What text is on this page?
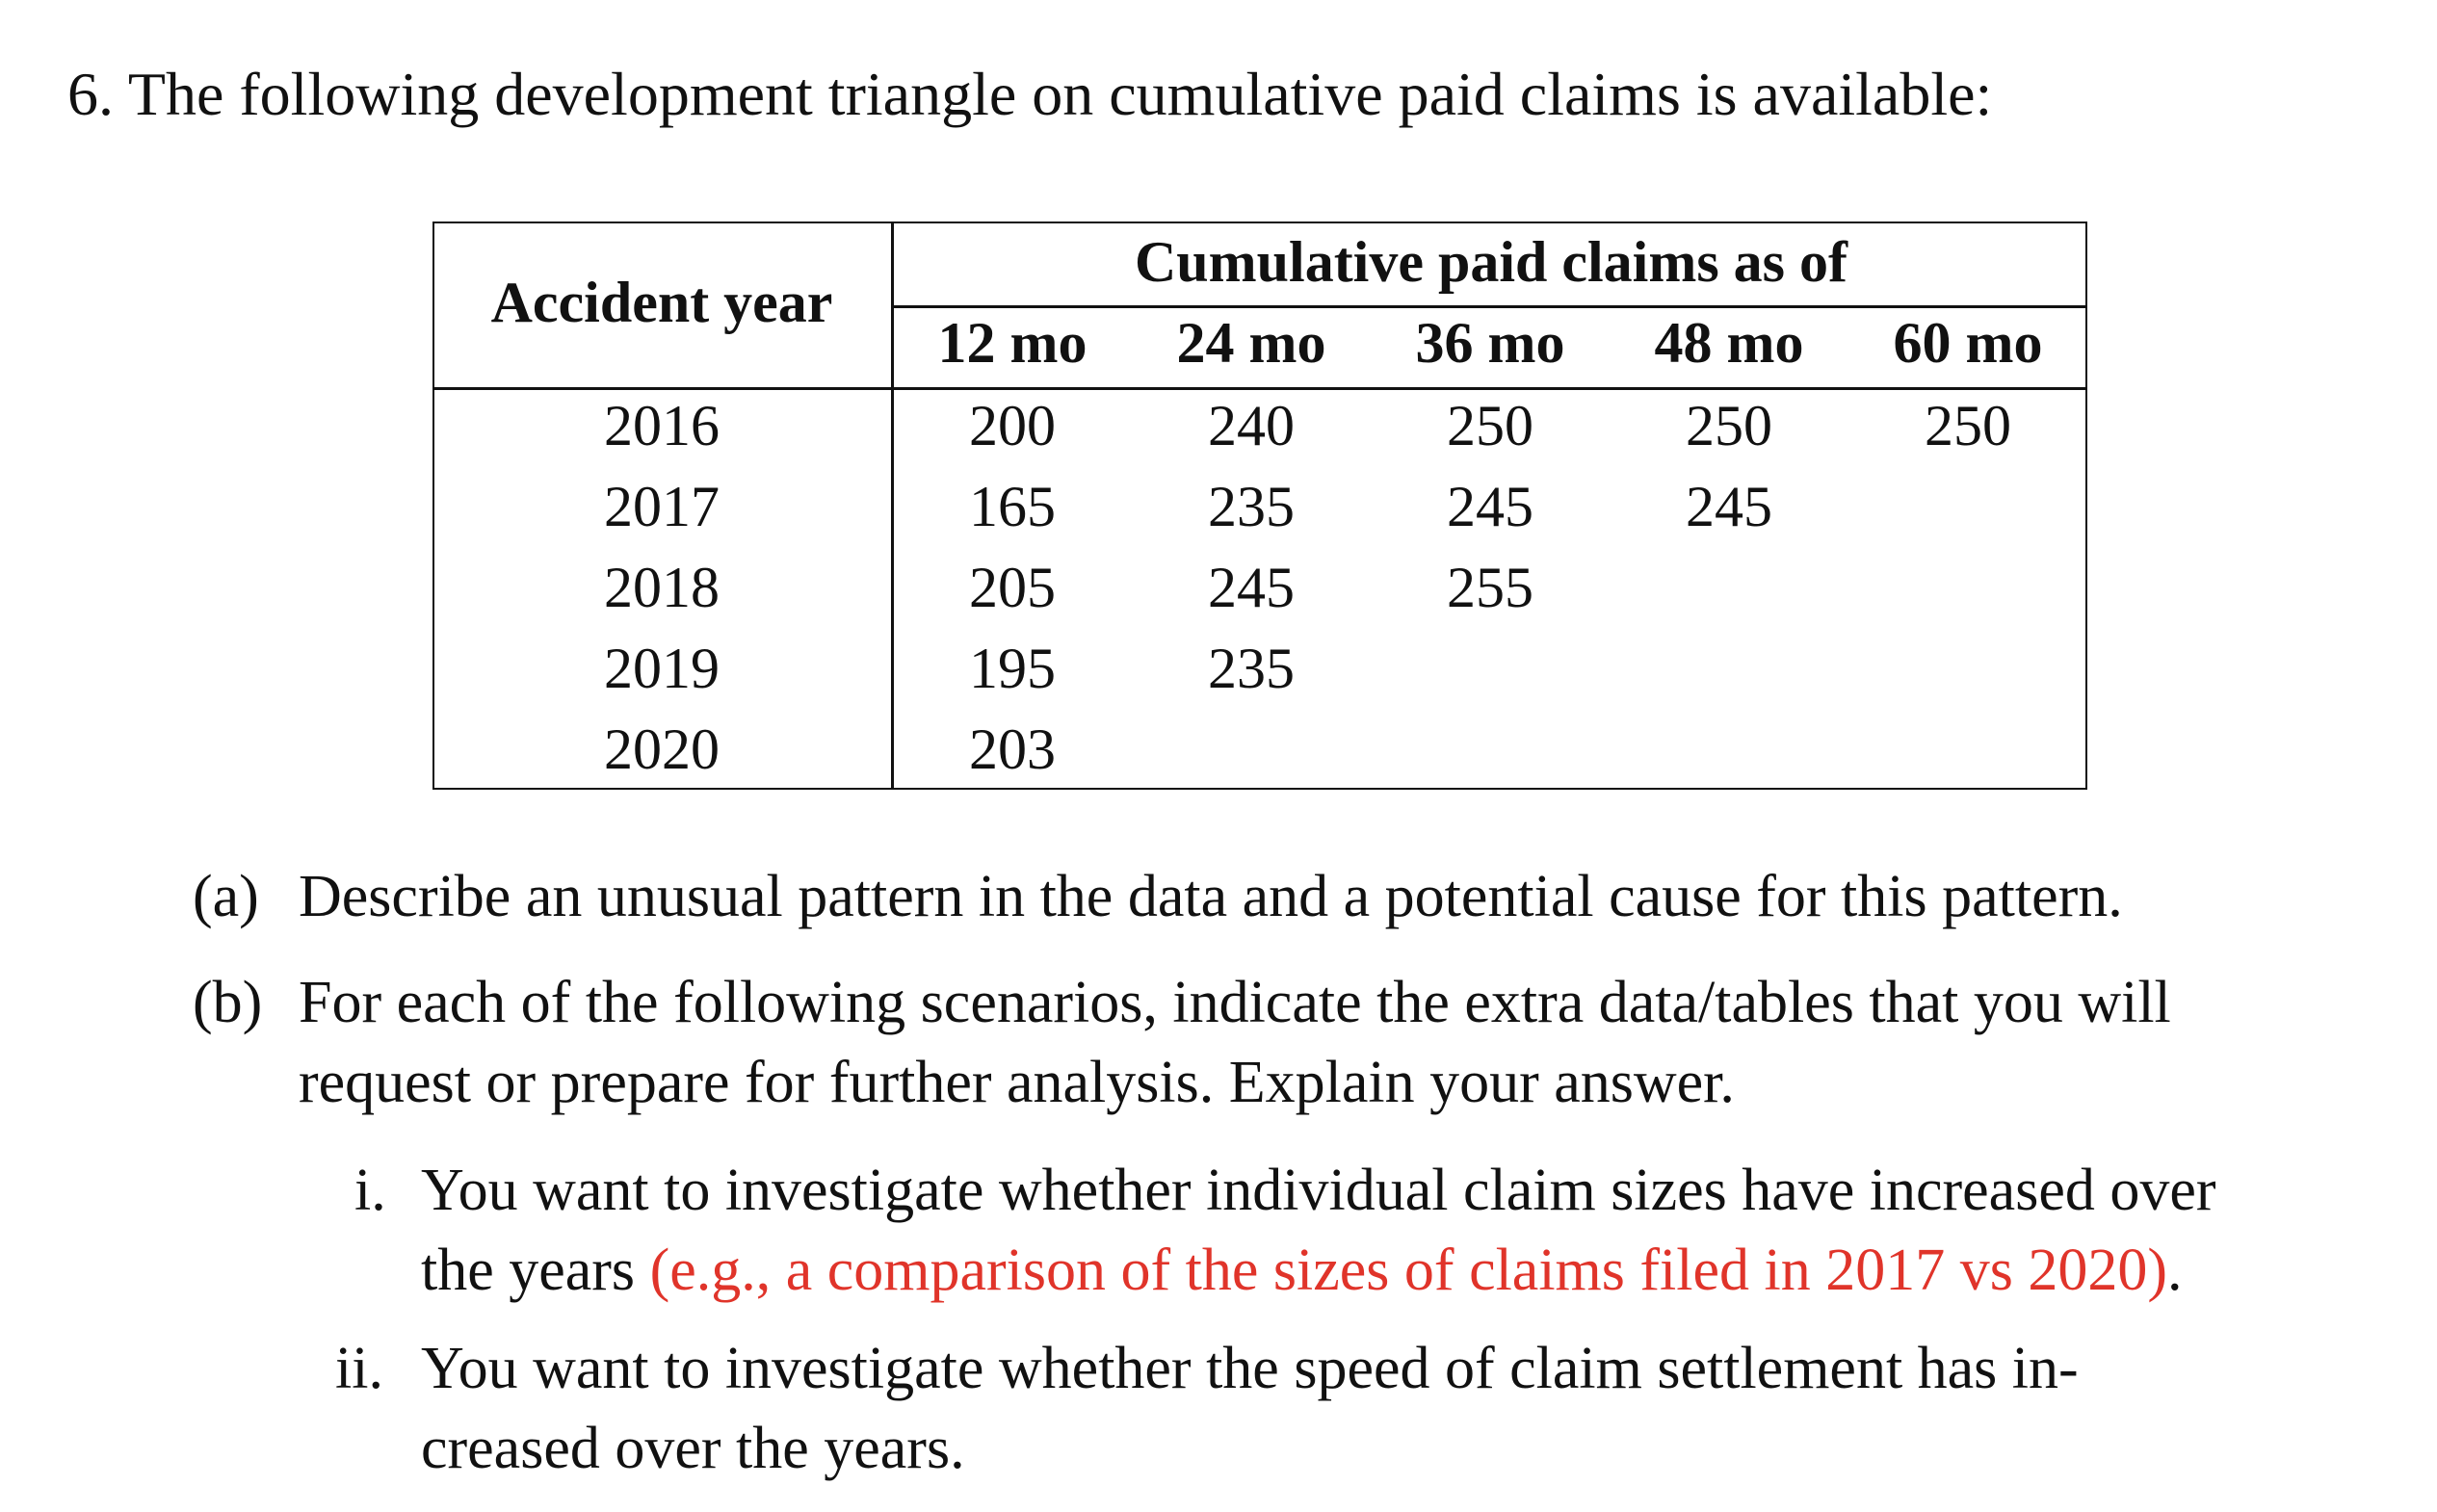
6. The following development triangle on cumulative paid claims is available:
Accident year
Cumulative paid claims as of
12 mo 24 mo 36 mo 48 mo 60 mo
2016	200	240	250	250	250
2017	165	235	245	245
2018	205	245	255
2019	195	235
2020	203
(a) Describe an unusual pattern in the data and a potential cause for this pattern.
(b) For each of the following scenarios, indicate the extra data/tables that you will
request or prepare for further analysis. Explain your answer.
i. You want to investigate whether individual claim sizes have increased over
the years (e.g., a comparison of the sizes of claims filed in 2017 vs 2020).
ii. You want to investigate whether the speed of claim settlement has in-
creased over the years.
